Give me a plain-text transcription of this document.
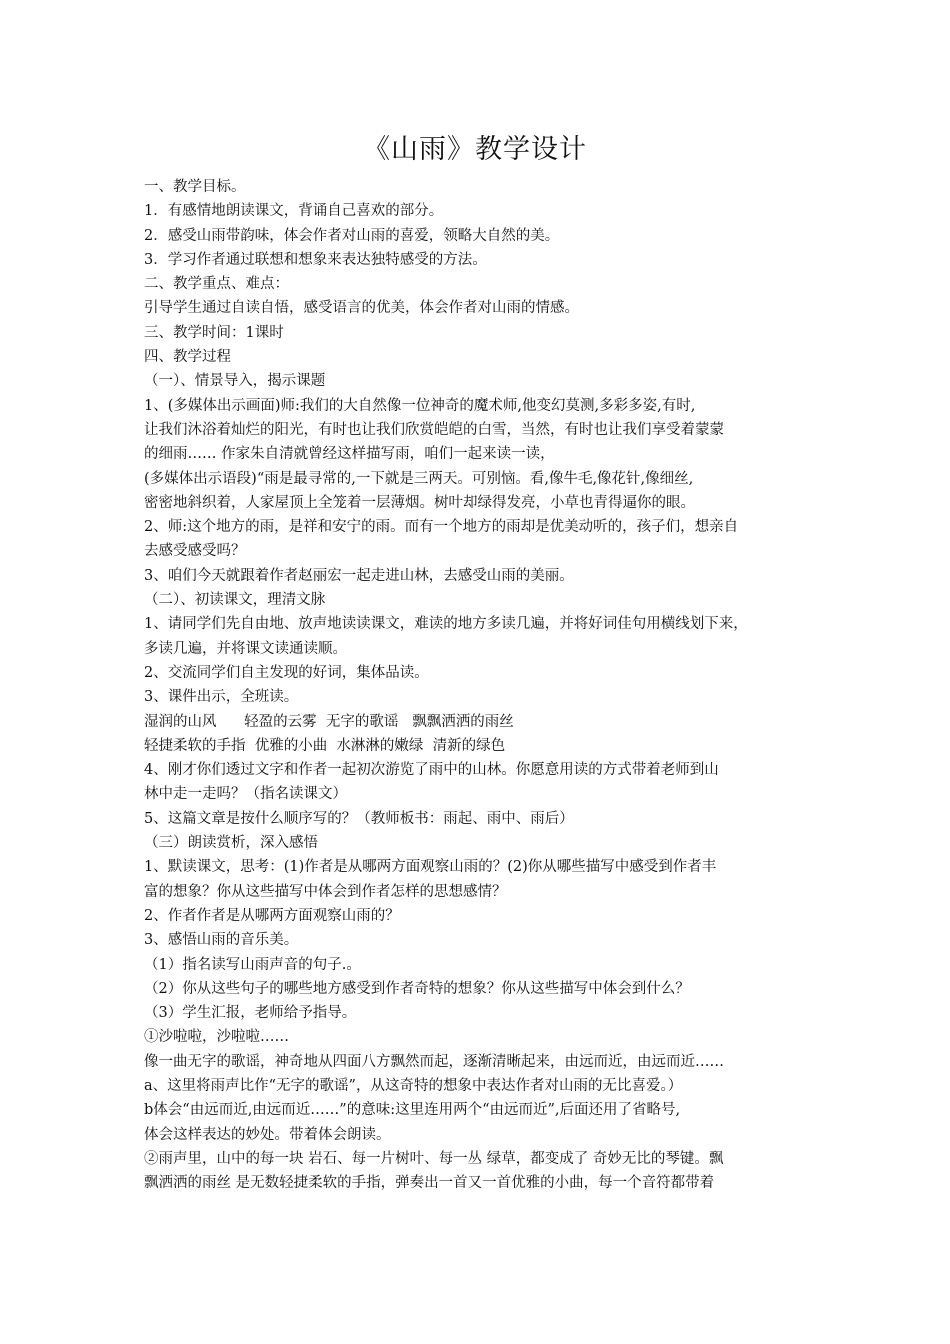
《山雨》教学设计
一、教学目标。
1．有感情地朗读课文，背诵自己喜欢的部分。
2．感受山雨带韵味，体会作者对山雨的喜爱，领略大自然的美。
3．学习作者通过联想和想象来表达独特感受的方法。
二、教学重点、难点：
引导学生通过自读自悟，感受语言的优美，体会作者对山雨的情感。
三、教学时间：1课时
四、教学过程
（一）、情景导入，揭示课题
1、(多媒体出示画面)师:我们的大自然像一位神奇的魔术师,他变幻莫测,多彩多姿,有时,
让我们沐浴着灿烂的阳光，有时也让我们欣赏皑皑的白雪，当然，有时也让我们享受着蒙蒙
的细雨…… 作家朱自清就曾经这样描写雨，咱们一起来读一读，
(多媒体出示语段)“雨是最寻常的,一下就是三两天。可别恼。看,像牛毛,像花针,像细丝,
密密地斜织着，人家屋顶上全笼着一层薄烟。树叶却绿得发亮，小草也青得逼你的眼。
2、师:这个地方的雨，是祥和安宁的雨。而有一个地方的雨却是优美动听的，孩子们，想亲自
去感受感受吗？
3、咱们今天就跟着作者赵丽宏一起走进山林，去感受山雨的美丽。
（二）、初读课文，理清文脉
1、请同学们先自由地、放声地读读课文，难读的地方多读几遍，并将好词佳句用横线划下来，
多读几遍，并将课文读通读顺。
2、交流同学们自主发现的好词，集体品读。
3、课件出示，全班读。
湿润的山风      轻盈的云雾  无字的歌谣   飘飘洒洒的雨丝
轻捷柔软的手指  优雅的小曲  水淋淋的嫩绿  清新的绿色
4、刚才你们透过文字和作者一起初次游览了雨中的山林。你愿意用读的方式带着老师到山
林中走一走吗？（指名读课文）
5、这篇文章是按什么顺序写的？（教师板书：雨起、雨中、雨后）
（三）朗读赏析，深入感悟
1、默读课文，思考：(1)作者是从哪两方面观察山雨的？(2)你从哪些描写中感受到作者丰
富的想象？你从这些描写中体会到作者怎样的思想感情？
2、作者作者是从哪两方面观察山雨的？
3、感悟山雨的音乐美。
（1）指名读写山雨声音的句子.。
（2）你从这些句子的哪些地方感受到作者奇特的想象？你从这些描写中体会到什么？
（3）学生汇报，老师给予指导。
①沙啦啦，沙啦啦……
像一曲无字的歌谣，神奇地从四面八方飘然而起，逐渐清晰起来，由远而近，由远而近……
a、这里将雨声比作“无字的歌谣”，从这奇特的想象中表达作者对山雨的无比喜爱。）
b体会“由远而近,由远而近……”的意味:这里连用两个“由远而近”,后面还用了省略号,
体会这样表达的妙处。带着体会朗读。
②雨声里，山中的每一块 岩石、每一片树叶、每一丛 绿草，都变成了 奇妙无比的琴键。飘
飘洒洒的雨丝 是无数轻捷柔软的手指，弹奏出一首又一首优雅的小曲，每一个音符都带着
